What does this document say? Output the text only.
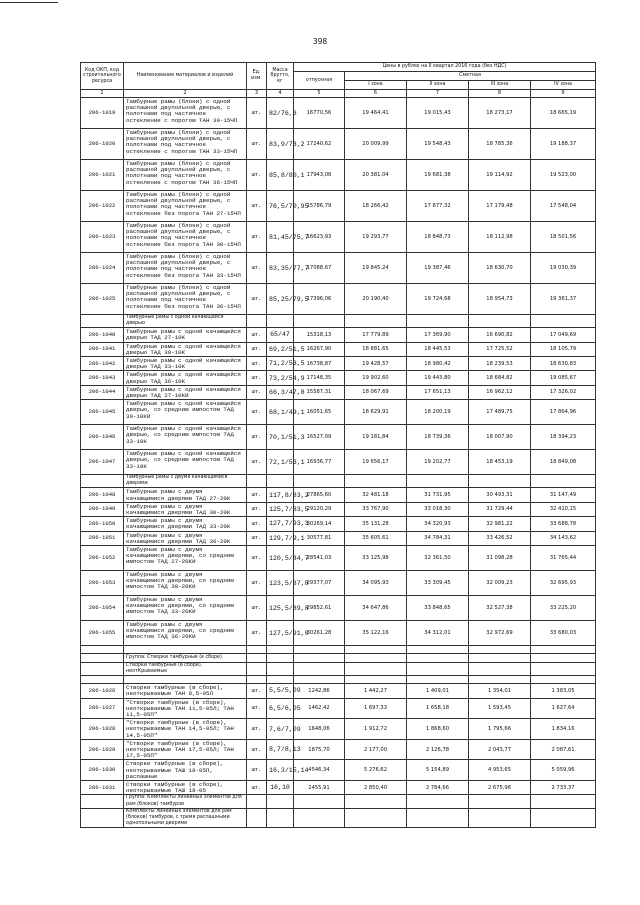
398
Код ОКП, код строительного ресурса	Наименование материалов и изделий	Ед. изм.	Масса брутто, кг	Цены в рублях на II квартал 2016 года (без НДС)				
				отпускная	Сметная			
					I зона	II зона	III зона	IV зона
1	2	3	4	5	6	7	8	9
206-1019	Тамбурные рамы (блоки) с одной распашной двупольной дверью, с полотнами под частичное остекление с порогом ТАН 30-15ЧП	шт.	82/76,3	16770,56	19 464,41	19 015,43	18 273,17	18 665,19
206-1020	Тамбурные рамы (блоки) с одной распашной двупольной дверью, с полотнами под частичное остекление с порогом ТАН 33-15ЧП	шт.	83,9/78,2	17240,62	20 009,99	19 548,43	18 785,36	19 188,37
206-1021	Тамбурные рамы (блоки) с одной распашной двупольной дверью, с полотнами под частичное остекление с порогом ТАН 36-15ЧП	шт.	85,8/80,1	17943,08	20 381,04	19 681,38	19 114,92	19 523,00
206-1022	Тамбурные рамы (блоки) с одной распашной двупольной дверью, с полотнами под частичное остекление без порога ТАН 27-15ЧП	шт.	76,5/70,95	15786,79	18 266,42	17 877,32	17 179,48	17 548,04
206-1023	Тамбурные рамы (блоки) с одной распашной двупольной дверью, с полотнами под частичное остекление без порога ТАН 30-15ЧП	шт.	81,45/75,7	16623,93	19 293,77	18 848,73	18 112,98	18 501,56
206-1024	Тамбурные рамы (блоки) с одной распашной двупольной дверью, с полотнами под частичное остекление без порога ТАН 33-15ЧП	шт.	83,35/77,7	17088,67	19 845,24	19 387,46	18 630,70	19 030,39
206-1025	Тамбурные рамы (блоки) с одной распашной двупольной дверью, с полотнами под частичное остекление без порога ТАН 36-15ЧП	шт.	85,25/79,5	17396,06	20 190,40	19 724,68	18 954,73	19 361,37
	Тамбурные рамы с одной качающейся дверью							
206-1040	Тамбурные рамы с одной качающейся дверью ТАД 27-10К	шт.	65/47	15318,13	17 779,89	17 369,90	16 690,82	17 049,69
206-1041	Тамбурные рамы с одной качающейся дверью ТАД 30-10К	шт.	69,2/51,5	16267,90	18 881,65	18 445,53	17 725,52	18 105,79
206-1042	Тамбурные рамы с одной качающейся дверью ТАД 33-10К	шт.	71,2/53,5	16738,87	19 428,57	18 980,42	18 239,53	18 630,83
206-1043	Тамбурные рамы с одной качающейся дверью ТАД 36-10К	шт.	73,2/54,9	17148,35	19 902,60	19 443,80	18 684,82	19 085,67
206-1044	Тамбурные рамы с одной качающейся дверью ТАД 27-10КИ	шт.	66,3/47,8	15587,31	18 067,69	17 651,13	16 962,12	17 326,02
206-1045	Тамбурные рамы с одной качающейся дверью, со средним импостом ТАД 30-10КИ	шт.	68,1/49,1	16051,65	18 629,91	18 200,19	17 489,75	17 864,96
206-1046	Тамбурные рамы с одной качающейся дверью, со средним импостом ТАД 33-10К	шт.	70,1/51,3	16527,09	19 181,84	18 739,36	18 007,90	18 394,23
206-1047	Тамбурные рамы с одной качающейся дверью, со средним импостом ТАД 33-10К	шт.	72,1/53,1	16936,77	19 656,17	19 202,77	18 453,19	18 849,08
	Тамбурные рамы с двумя качающимися дверями							
206-1048	Тамбурные рамы с двумя качающимися дверями ТАД 27-20К	шт.	117,8/83,2	27865,60	32 481,18	31 731,95	30 493,31	31 147,49
206-1049	Тамбурные рамы с двумя качающимися дверями ТАД 30-20К	шт.	125,7/83,5	29120,29	33 767,90	33 018,30	31 729,44	32 410,15
206-1050	Тамбурные рамы с двумя качающимися дверями ТАД 33-20К	шт.	127,7/93,3	30269,14	35 131,28	34 320,93	32 981,22	33 688,78
206-1051	Тамбурные рамы с двумя качающимися дверями ТАД 36-20К	шт.	129,7/9,1	30577,81	35 605,61	34 784,31	33 426,52	34 143,62
206-1052	Тамбурные рамы с двумя качающимися дверями, со средним импостом ТАД 27-20КИ	шт.	120,5/84,7	28541,03	33 125,98	32 361,50	31 098,28	31 765,44
206-1053	Тамбурные рамы с двумя качающимися дверями, со средним импостом ТАД 30-20КИ	шт.	123,5/87,8	29377,07	34 095,93	33 309,45	32 009,23	32 695,93
206-1054	Тамбурные рамы с двумя качающимися дверями, со средним импостом ТАД 33-20КИ	шт.	125,5/89,8	29852,61	34 647,86	33 848,65	32 527,38	33 225,20
206-1055	Тамбурные рамы с двумя качающимися дверями, со средним импостом ТАД 36-20КИ	шт.	127,5/91,0	30261,28	35 122,16	34 312,01	32 972,69	33 680,03

	Группа: Створки тамбурные (в сборе)							
	Створки тамбурные (в сборе), неотКрываемые							

206-1026	Створки тамбурные (в сборе), неоткрываемые ТАН 8,5-05Л	шт.	5,5/5,09	1242,86	1 442,27	1 409,01	1 354,01	1 383,05
206-1027	"Створки тамбурные (в сборе), неоткрываемые ТАН 11,5-05Л; ТАН 11,5-05П"	шт.	6,5/6,05	1462,42	1 697,33	1 658,18	1 593,45	1 627,64
206-1028	"Створки тамбурные (в сборе), неоткрываемые ТАН 14,5-05Л; ТАН 14,5-05П"	шт.	7,6/7,09	1648,06	1 912,72	1 868,60	1 795,66	1 834,16
206-1029	"Створки тамбурные (в сборе), неоткрываемые ТАН 17,5-05Л; ТАН 17,5-05П"	шт.	8,7/8,13	1875,70	2 177,00	2 126,78	2 043,77	2 087,61
206-1030	Створки тамбурные (в сборе), неоткрываемые ТАШ 18-05П, распашные	шт.	16,3/15,14	4546,34	5 276,62	5 154,89	4 953,65	5 059,96
206-1031	Створки тамбурные (в сборе), неоткрываемые ТАШ 18-05	шт.	16,10	2455,91	2 850,40	2 784,66	2 675,96	2 733,37
	Группа: Комплекты линейных элементов для рам (блоков) тамбуров							
	Комплекты линейных элементов для рам (блоков) тамбуров, с тремя распашными однопольными дверями							
